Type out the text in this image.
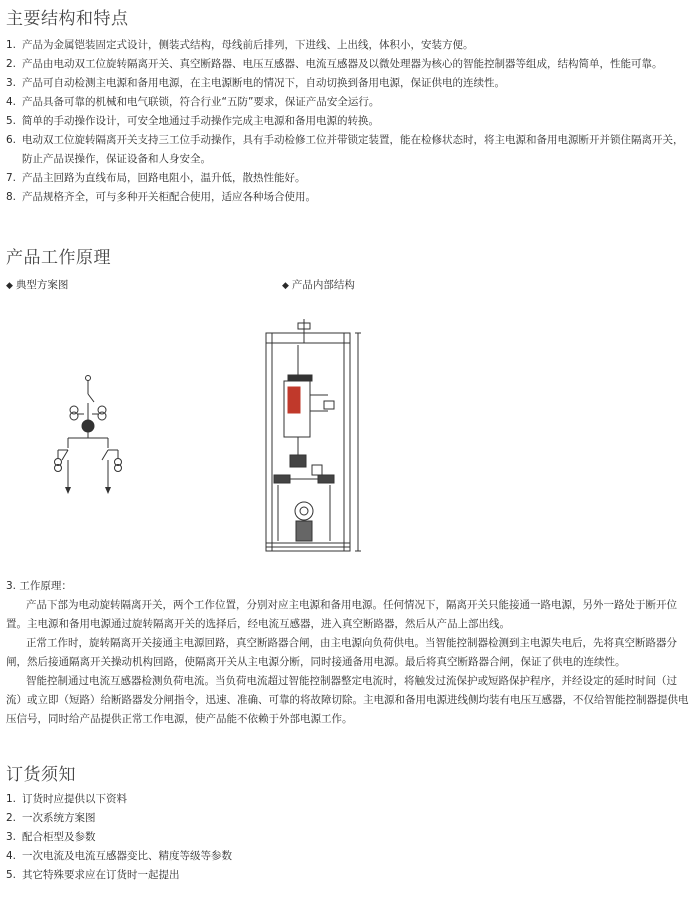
主要结构和特点
1. 产品为金属铠装固定式设计，侧装式结构，母线前后排列，下进线、上出线，体积小，安装方便。
2. 产品由电动双工位旋转隔离开关、真空断路器、电压互感器、电流互感器及以微处理器为核心的智能控制器等组成，结构简单，性能可靠。
3. 产品可自动检测主电源和备用电源，在主电源断电的情况下，自动切换到备用电源，保证供电的连续性。
4. 产品具备可靠的机械和电气联锁，符合行业“五防”要求，保证产品安全运行。
5. 简单的手动操作设计，可安全地通过手动操作完成主电源和备用电源的转换。
6. 电动双工位旋转隔离开关支持三工位手动操作，具有手动检修工位并带锁定装置，能在检修状态时，将主电源和备用电源断开并锁住隔离开关，防止产品误操作，保证设备和人身安全。
7. 产品主回路为直线布局，回路电阻小，温升低，散热性能好。
8. 产品规格齐全，可与多种开关柜配合使用，适应各种场合使用。
产品工作原理
◆ 典型方案图	◆ 产品内部结构
3. 工作原理：

产品下部为电动旋转隔离开关，两个工作位置，分别对应主电源和备用电源。任何情况下，隔离开关只能接通一路电源，另外一路处于断开位置。主电源和备用电源通过旋转隔离开关的选择后，经电流互感器，进入真空断路器，然后从产品上部出线。

正常工作时，旋转隔离开关接通主电源回路，真空断路器合闸，由主电源向负荷供电。当智能控制器检测到主电源失电后，先将真空断路器分闸，然后接通隔离开关操动机构回路，使隔离开关从主电源分断，同时接通备用电源。最后将真空断路器合闸，保证了供电的连续性。

智能控制通过电流互感器检测负荷电流。当负荷电流超过智能控制器整定电流时，将触发过流保护或短路保护程序，并经设定的延时时间（过流）或立即（短路）给断路器发分闸指令，迅速、准确、可靠的将故障切除。主电源和备用电源进线侧均装有电压互感器，不仅给智能控制器提供电压信号，同时给产品提供正常工作电源，使产品能不依赖于外部电源工作。

订货须知
1. 订货时应提供以下资料
2. 一次系统方案图
3. 配合柜型及参数
4. 一次电流及电流互感器变比、精度等级等参数
5. 其它特殊要求应在订货时一起提出
